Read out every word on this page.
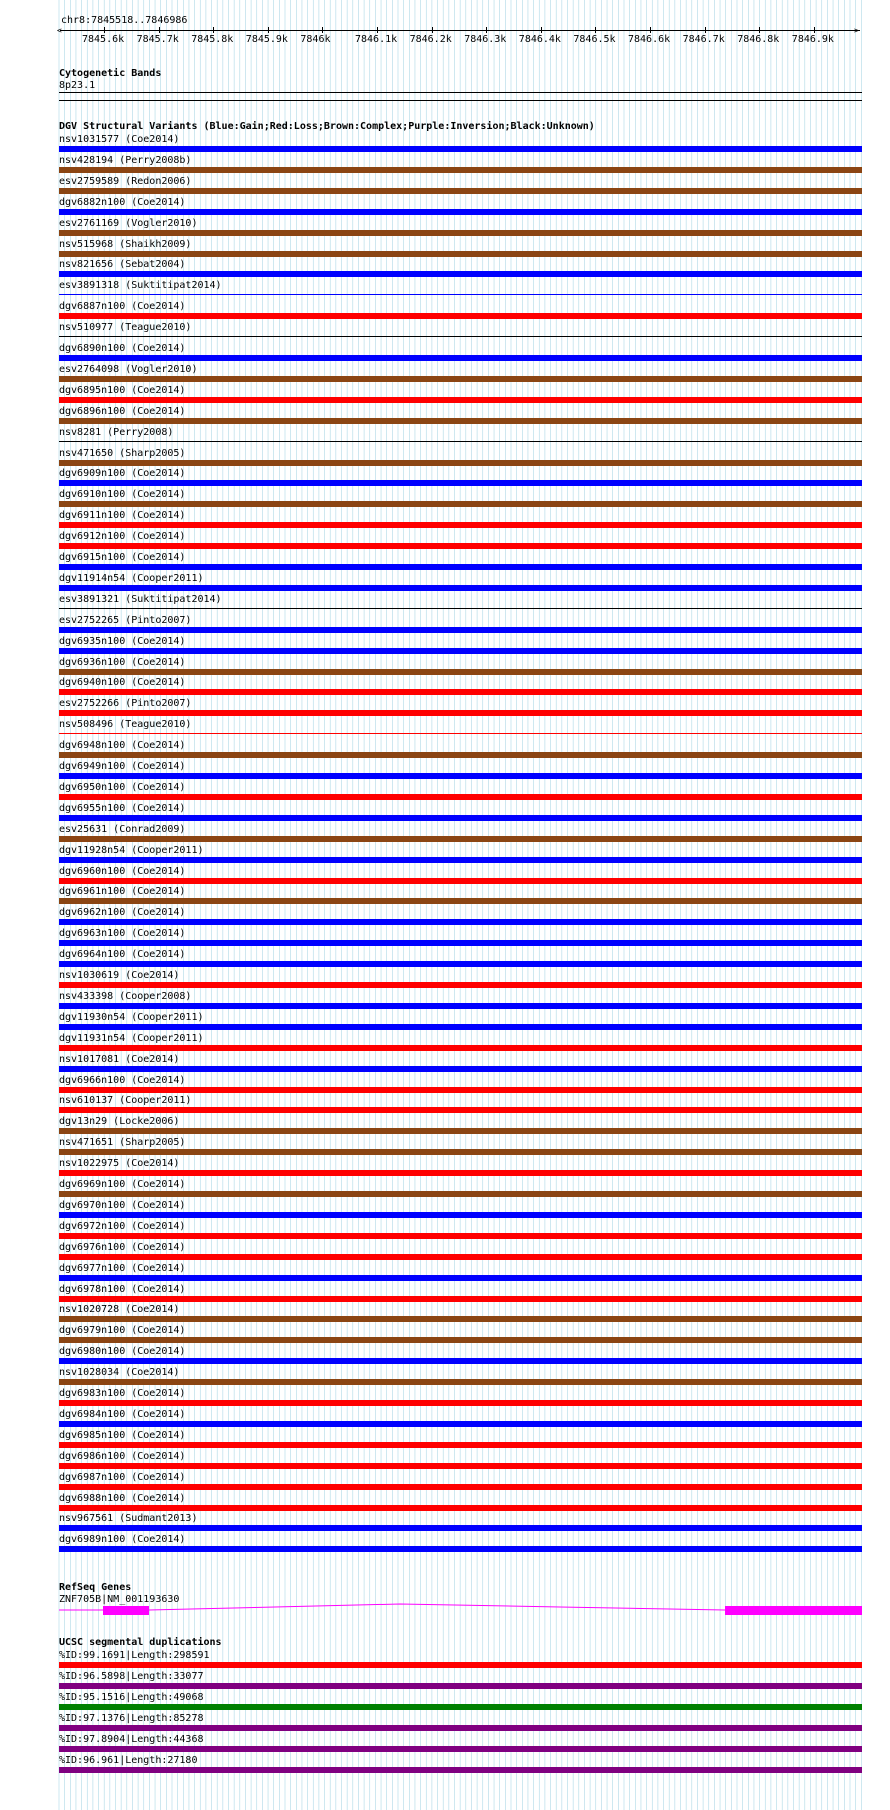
chr8:7845518..7846986
<	>
7845.6k 7845.7k 7845.8k 7845.9k 7846k 7846.1k 7846.2k 7846.3k 7846.4k 7846.5k 7846.6k 7846.7k 7846.8k 7846.9k
Cytogenetic Bands
8p23.1
DGV Structural Variants (Blue:Gain;Red:Loss;Brown:Complex;Purple:Inversion;Black:Unknown)
nsv1031577 (Coe2014)
nsv428194 (Perry2008b)
esv2759589 (Redon2006)
dgv6882n100 (Coe2014)
esv2761169 (Vogler2010)
nsv515968 (Shaikh2009)
nsv821656 (Sebat2004)
esv3891318 (Suktitipat2014)
dgv6887n100 (Coe2014)
nsv510977 (Teague2010)
dgv6890n100 (Coe2014)
esv2764098 (Vogler2010)
dgv6895n100 (Coe2014)
dgv6896n100 (Coe2014)
nsv8281 (Perry2008)
nsv471650 (Sharp2005)
dgv6909n100 (Coe2014)
dgv6910n100 (Coe2014)
dgv6911n100 (Coe2014)
dgv6912n100 (Coe2014)
dgv6915n100 (Coe2014)
dgv11914n54 (Cooper2011)
esv3891321 (Suktitipat2014)
esv2752265 (Pinto2007)
dgv6935n100 (Coe2014)
dgv6936n100 (Coe2014)
dgv6940n100 (Coe2014)
esv2752266 (Pinto2007)
nsv508496 (Teague2010)
dgv6948n100 (Coe2014)
dgv6949n100 (Coe2014)
dgv6950n100 (Coe2014)
dgv6955n100 (Coe2014)
esv25631 (Conrad2009)
dgv11928n54 (Cooper2011)
dgv6960n100 (Coe2014)
dgv6961n100 (Coe2014)
dgv6962n100 (Coe2014)
dgv6963n100 (Coe2014)
dgv6964n100 (Coe2014)
nsv1030619 (Coe2014)
nsv433398 (Cooper2008)
dgv11930n54 (Cooper2011)
dgv11931n54 (Cooper2011)
nsv1017081 (Coe2014)
dgv6966n100 (Coe2014)
nsv610137 (Cooper2011)
dgv13n29 (Locke2006)
nsv471651 (Sharp2005)
nsv1022975 (Coe2014)
dgv6969n100 (Coe2014)
dgv6970n100 (Coe2014)
dgv6972n100 (Coe2014)
dgv6976n100 (Coe2014)
dgv6977n100 (Coe2014)
dgv6978n100 (Coe2014)
nsv1020728 (Coe2014)
dgv6979n100 (Coe2014)
dgv6980n100 (Coe2014)
nsv1028034 (Coe2014)
dgv6983n100 (Coe2014)
dgv6984n100 (Coe2014)
dgv6985n100 (Coe2014)
dgv6986n100 (Coe2014)
dgv6987n100 (Coe2014)
dgv6988n100 (Coe2014)
nsv967561 (Sudmant2013)
dgv6989n100 (Coe2014)
RefSeq Genes
ZNF705B|NM_001193630
UCSC segmental duplications
%ID:99.1691|Length:298591
%ID:96.5898|Length:33077
%ID:95.1516|Length:49068
%ID:97.1376|Length:85278
%ID:97.8904|Length:44368
%ID:96.961|Length:27180
